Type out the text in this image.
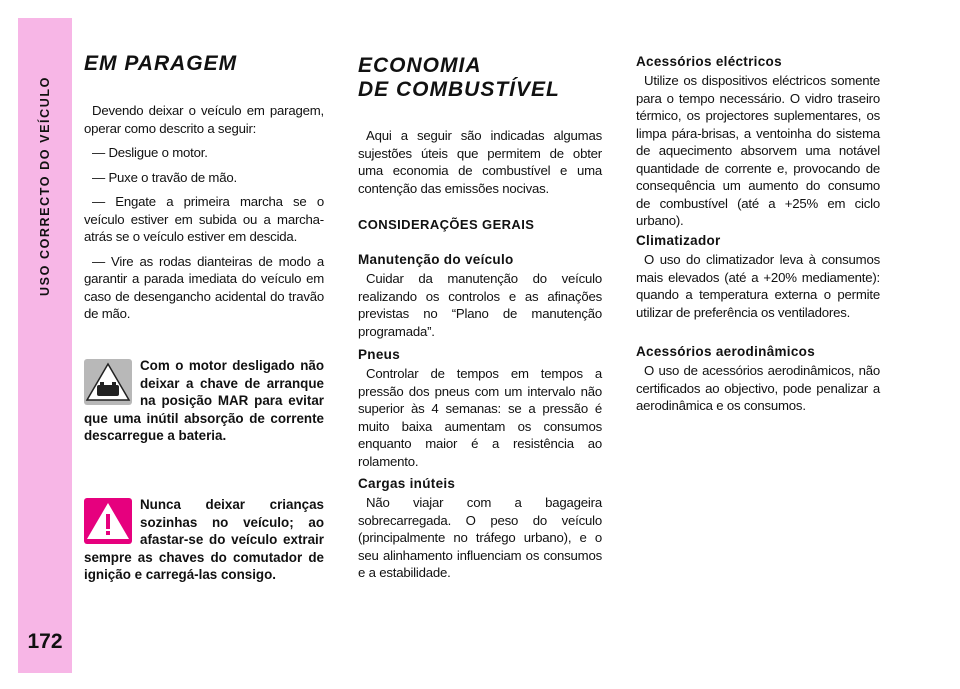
USO CORRECTO DO VEÍCULO
172
EM PARAGEM

Devendo deixar o veículo em paragem, operar como descrito a seguir:

— Desligue o motor.

— Puxe o travão de mão.

— Engate a primeira marcha se o veículo estiver em subida ou a marcha-atrás se o veículo estiver em descida.

— Vire as rodas dianteiras de modo a garantir a parada imediata do veículo em caso de desengancho acidental do travão de mão.

Com o motor desligado não deixar a chave de arranque na posição MAR para evitar que uma inútil absorção de corrente descarregue a bateria.

Nunca deixar crianças sozinhas no veículo; ao afastar-se do veículo extrair sempre as chaves do comutador de ignição e carregá-las consigo.

ECONOMIA
DE COMBUSTÍVEL

Aqui a seguir são indicadas algumas sujestões úteis que permitem de obter uma economia de combustível e uma contenção das emissões nocivas.

CONSIDERAÇÕES GERAIS
Manutenção do veículo

Cuidar da manutenção do veículo realizando os controlos e as afinações previstas no “Plano de manutenção programada”.

Pneus

Controlar de tempos em tempos a pressão dos pneus com um intervalo não superior às 4 semanas: se a pressão é muito baixa aumentam os consumos enquanto maior é a resistência ao rolamento.

Cargas inúteis

Não viajar com a bagageira sobrecarregada. O peso do veículo (principalmente no tráfego urbano), e o seu alinhamento influenciam os consumos e a estabilidade.

Acessórios eléctricos

Utilize os dispositivos eléctricos somente para o tempo necessário. O vidro traseiro térmico, os projectores suplementares, os limpa pára-brisas, a ventoinha do sistema de aquecimento absorvem uma notável quantidade de corrente e, provocando de consequência um aumento do consumo de combustível (até a +25% em ciclo urbano).

Climatizador

O uso do climatizador leva à consumos mais elevados (até a +20% mediamente): quando a temperatura externa o permite utilizar de preferência os ventiladores.

Acessórios aerodinâmicos

O uso de acessórios aerodinâmicos, não certificados ao objectivo, pode penalizar a aerodinâmica e os consumos.
